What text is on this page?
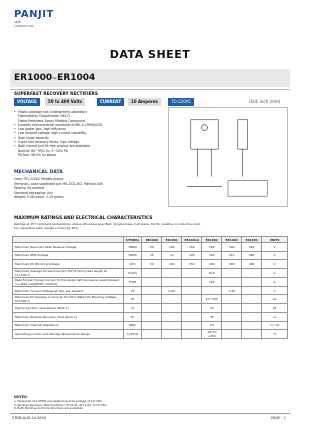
PANJIT
SEMI
CONDUCTOR
DATA SHEET
ER1000~ER1004
SUPERFAST RECOVERY RECTIFIERS
VOLTAGE	50 to 400 Volts	CURRENT	10 Amperes	TO-220AC	Unit: inch (mm)
• Plastic package has Underwriters Laboratory
Flammability Classification 94V-O
Flame Retardant Epoxy Molding Compound
• Exceeds environmental standards of MIL-S-19500/228
• Low power loss, high efficiency
• Low forward voltage, high current capability
• High surge capacity
• Super fast recovery times, high voltage
• Both normal and Pb free product are available:
Normal: 80~95% Sn, 5~20% Pb
Pb free: 98.5% Sn above
MECHANICAL DATA
Case: ITO-220AC Molded plastic
Terminals: Lead solderable per MIL-STD-202, Method 208
Polarity: As marked
Standard packaging: Any
Weight: 0.08 ounce, 2.24 grams
MAXIMUM RATINGS AND ELECTRICAL CHARACTERISTICS
Ratings at 25°C ambient temperature unless otherwise specified. Single phase, half wave, 60 Hz, resistive or inductive load.
For capacitive load, derate current by 20%.
	SYMBOL	ER1000	ER1001	ER1001A	ER1002	ER1003	ER1004	UNITS
Maximum Recurrent Peak Reverse Voltage	VRRM	50	100	150	200	300	400	V
Maximum RMS Voltage	VRMS	35	70	105	140	210	280	V
Maximum DC Blocking Voltage	VDC	50	100	150	200	300	400	V
Maximum Average Forward Current 3/8"(9.5mm) lead length at TL=100°C	IF(AV)				10.0			A
Peak Forward Surge Current: 8.3ms single half sine wave superimposed on rated load(JEDEC method)	IFSM				125			A
Maximum Forward Voltage at 10A, per element	VF		0.95			1.30		V
Maximum DC Reverse Current at TA=25°C Rated DC Blocking Voltage TA=100°C	IR				10 / 500			µA
Typical Junction capacitance (Note 1)	CJ				50			pF
Maximum Reverse Recovery Time (Note 2)	Trr				35			ns
Maximum Thermal Resistance	RθJC				3.0			°C / W
Operating Junction and Storage Temperature Range	TJ,TSTG				-65 TO +150			°C
NOTES:
1. Measured at 1.0MHz and applied reverse voltage of 4.0 VDC.
2. Reverse Recovery Test Conditions: IF=0.5A, IR=1.0A, Irr=0.25A.
3. Both Bonding and Chip structure are available.
STRD-AUG.24.2004	PAGE . 1
